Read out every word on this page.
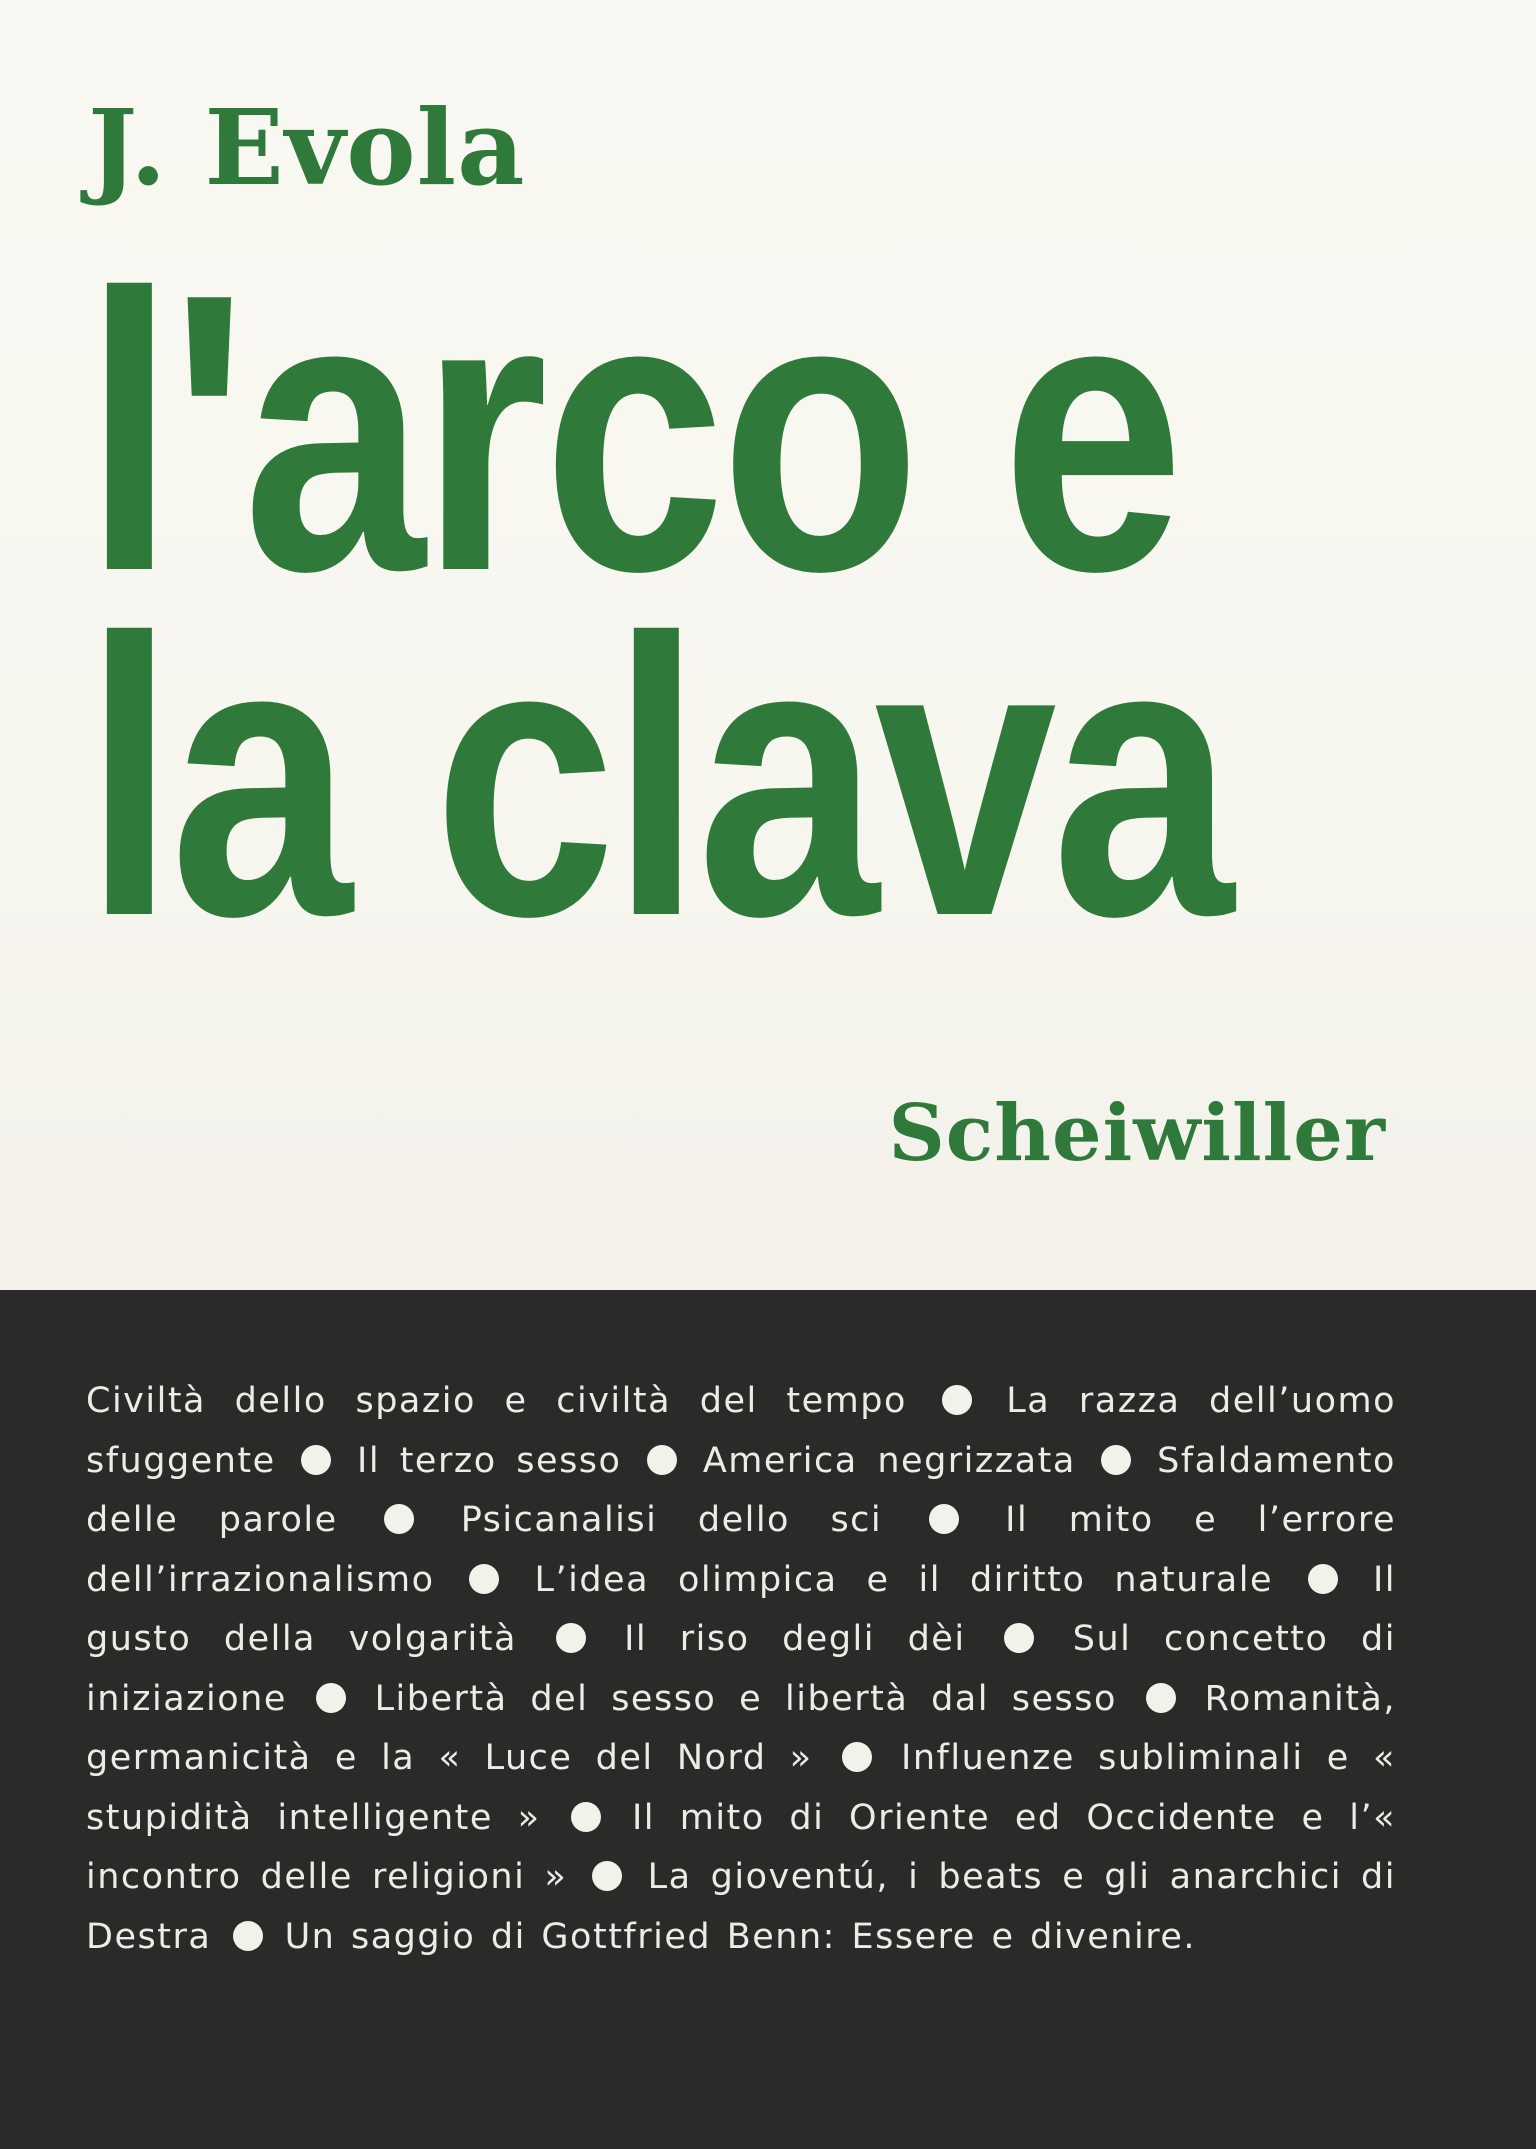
J. Evola
l'arco e
la clava
Scheiwiller

Civiltà dello spazio e civiltà del tempo	La razza dell’uomo sfuggente Il terzo sesso America negrizzata Sfaldamento delle parole	Psicanalisi dello sci	Il mito e l’errore dell’irrazionalismo	L’idea olimpica e il diritto naturale	Il gusto della volgarità	Il riso degli dèi	Sul concetto di iniziazione	Libertà del sesso e libertà dal sesso	Romanità, germanicità e la « Luce del Nord »	Influenze subliminali e « stupidità intelligente »	Il mito di Oriente ed Occidente e l’« incontro delle religioni » La gioventú, i beats e gli anarchici di Destra Un saggio di Gottfried Benn: Essere e divenire.
